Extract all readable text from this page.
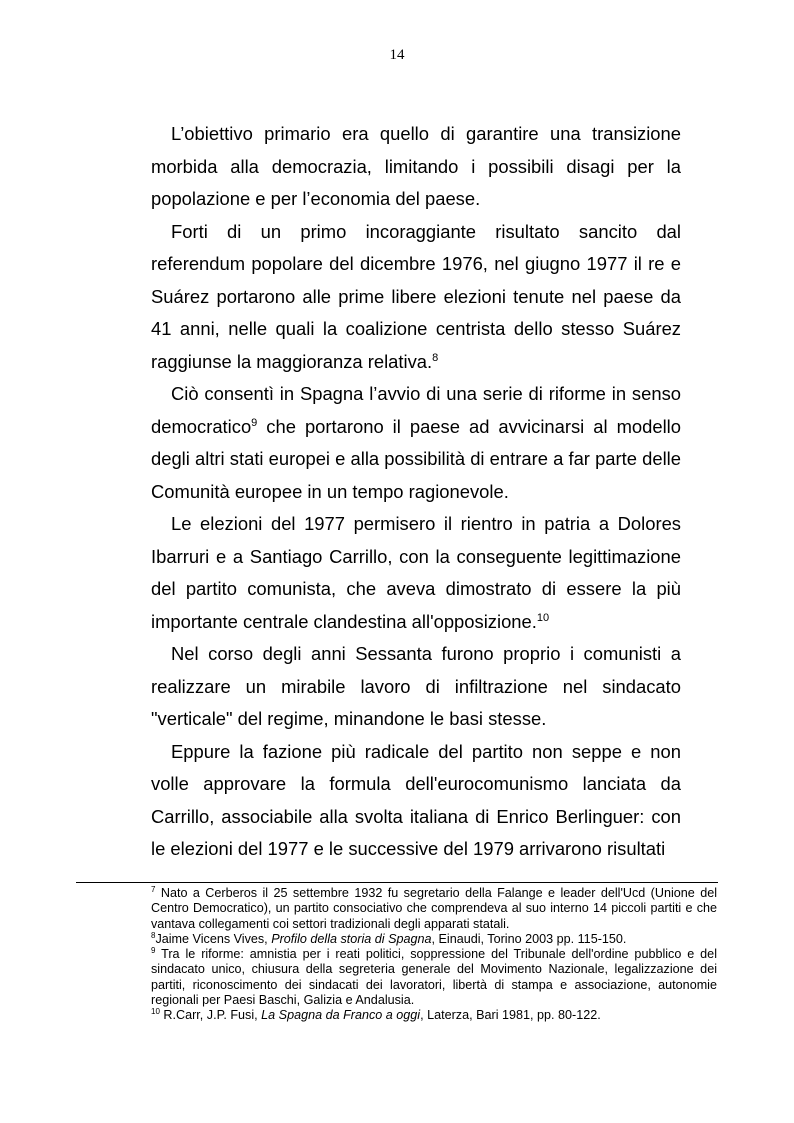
14

L’obiettivo primario era quello di garantire una transizione morbida alla democrazia, limitando i possibili disagi per la popolazione e per l’economia del paese.

Forti di un primo incoraggiante risultato sancito dal referendum popolare del dicembre 1976, nel giugno 1977 il re e Suárez portarono alle prime libere elezioni tenute nel paese da 41 anni, nelle quali la coalizione centrista dello stesso Suárez raggiunse la maggioranza relativa.$^8$

Ciò consentì in Spagna l’avvio di una serie di riforme in senso democratico$^9$ che portarono il paese ad avvicinarsi al modello degli altri stati europei e alla possibilità di entrare a far parte delle Comunità europee in un tempo ragionevole.

Le elezioni del 1977 permisero il rientro in patria a Dolores Ibarruri e a Santiago Carrillo, con la conseguente legittimazione del partito comunista, che aveva dimostrato di essere la più importante centrale clandestina all'opposizione.$^{10}$

Nel corso degli anni Sessanta furono proprio i comunisti a realizzare un mirabile lavoro di infiltrazione nel sindacato "verticale" del regime, minandone le basi stesse.

Eppure la fazione più radicale del partito non seppe e non volle approvare la formula dell'eurocomunismo lanciata da Carrillo, associabile alla svolta italiana di Enrico Berlinguer: con le elezioni del 1977 e le successive del 1979 arrivarono risultati

$^7$ Nato a Cerberos il 25 settembre 1932 fu segretario della Falange e leader dell'Ucd (Unione del Centro Democratico), un partito consociativo che comprendeva al suo interno 14 piccoli partiti e che vantava collegamenti coi settori tradizionali degli apparati statali.

$^8$Jaime Vicens Vives, Profilo della storia di Spagna, Einaudi, Torino 2003 pp. 115-150.

$^9$ Tra le riforme: amnistia per i reati politici, soppressione del Tribunale dell'ordine pubblico e del sindacato unico, chiusura della segreteria generale del Movimento Nazionale, legalizzazione dei partiti, riconoscimento dei sindacati dei lavoratori, libertà di stampa e associazione, autonomie regionali per Paesi Baschi, Galizia e Andalusia.

$^{10}$ R.Carr, J.P. Fusi, La Spagna da Franco a oggi, Laterza, Bari 1981, pp. 80-122.
